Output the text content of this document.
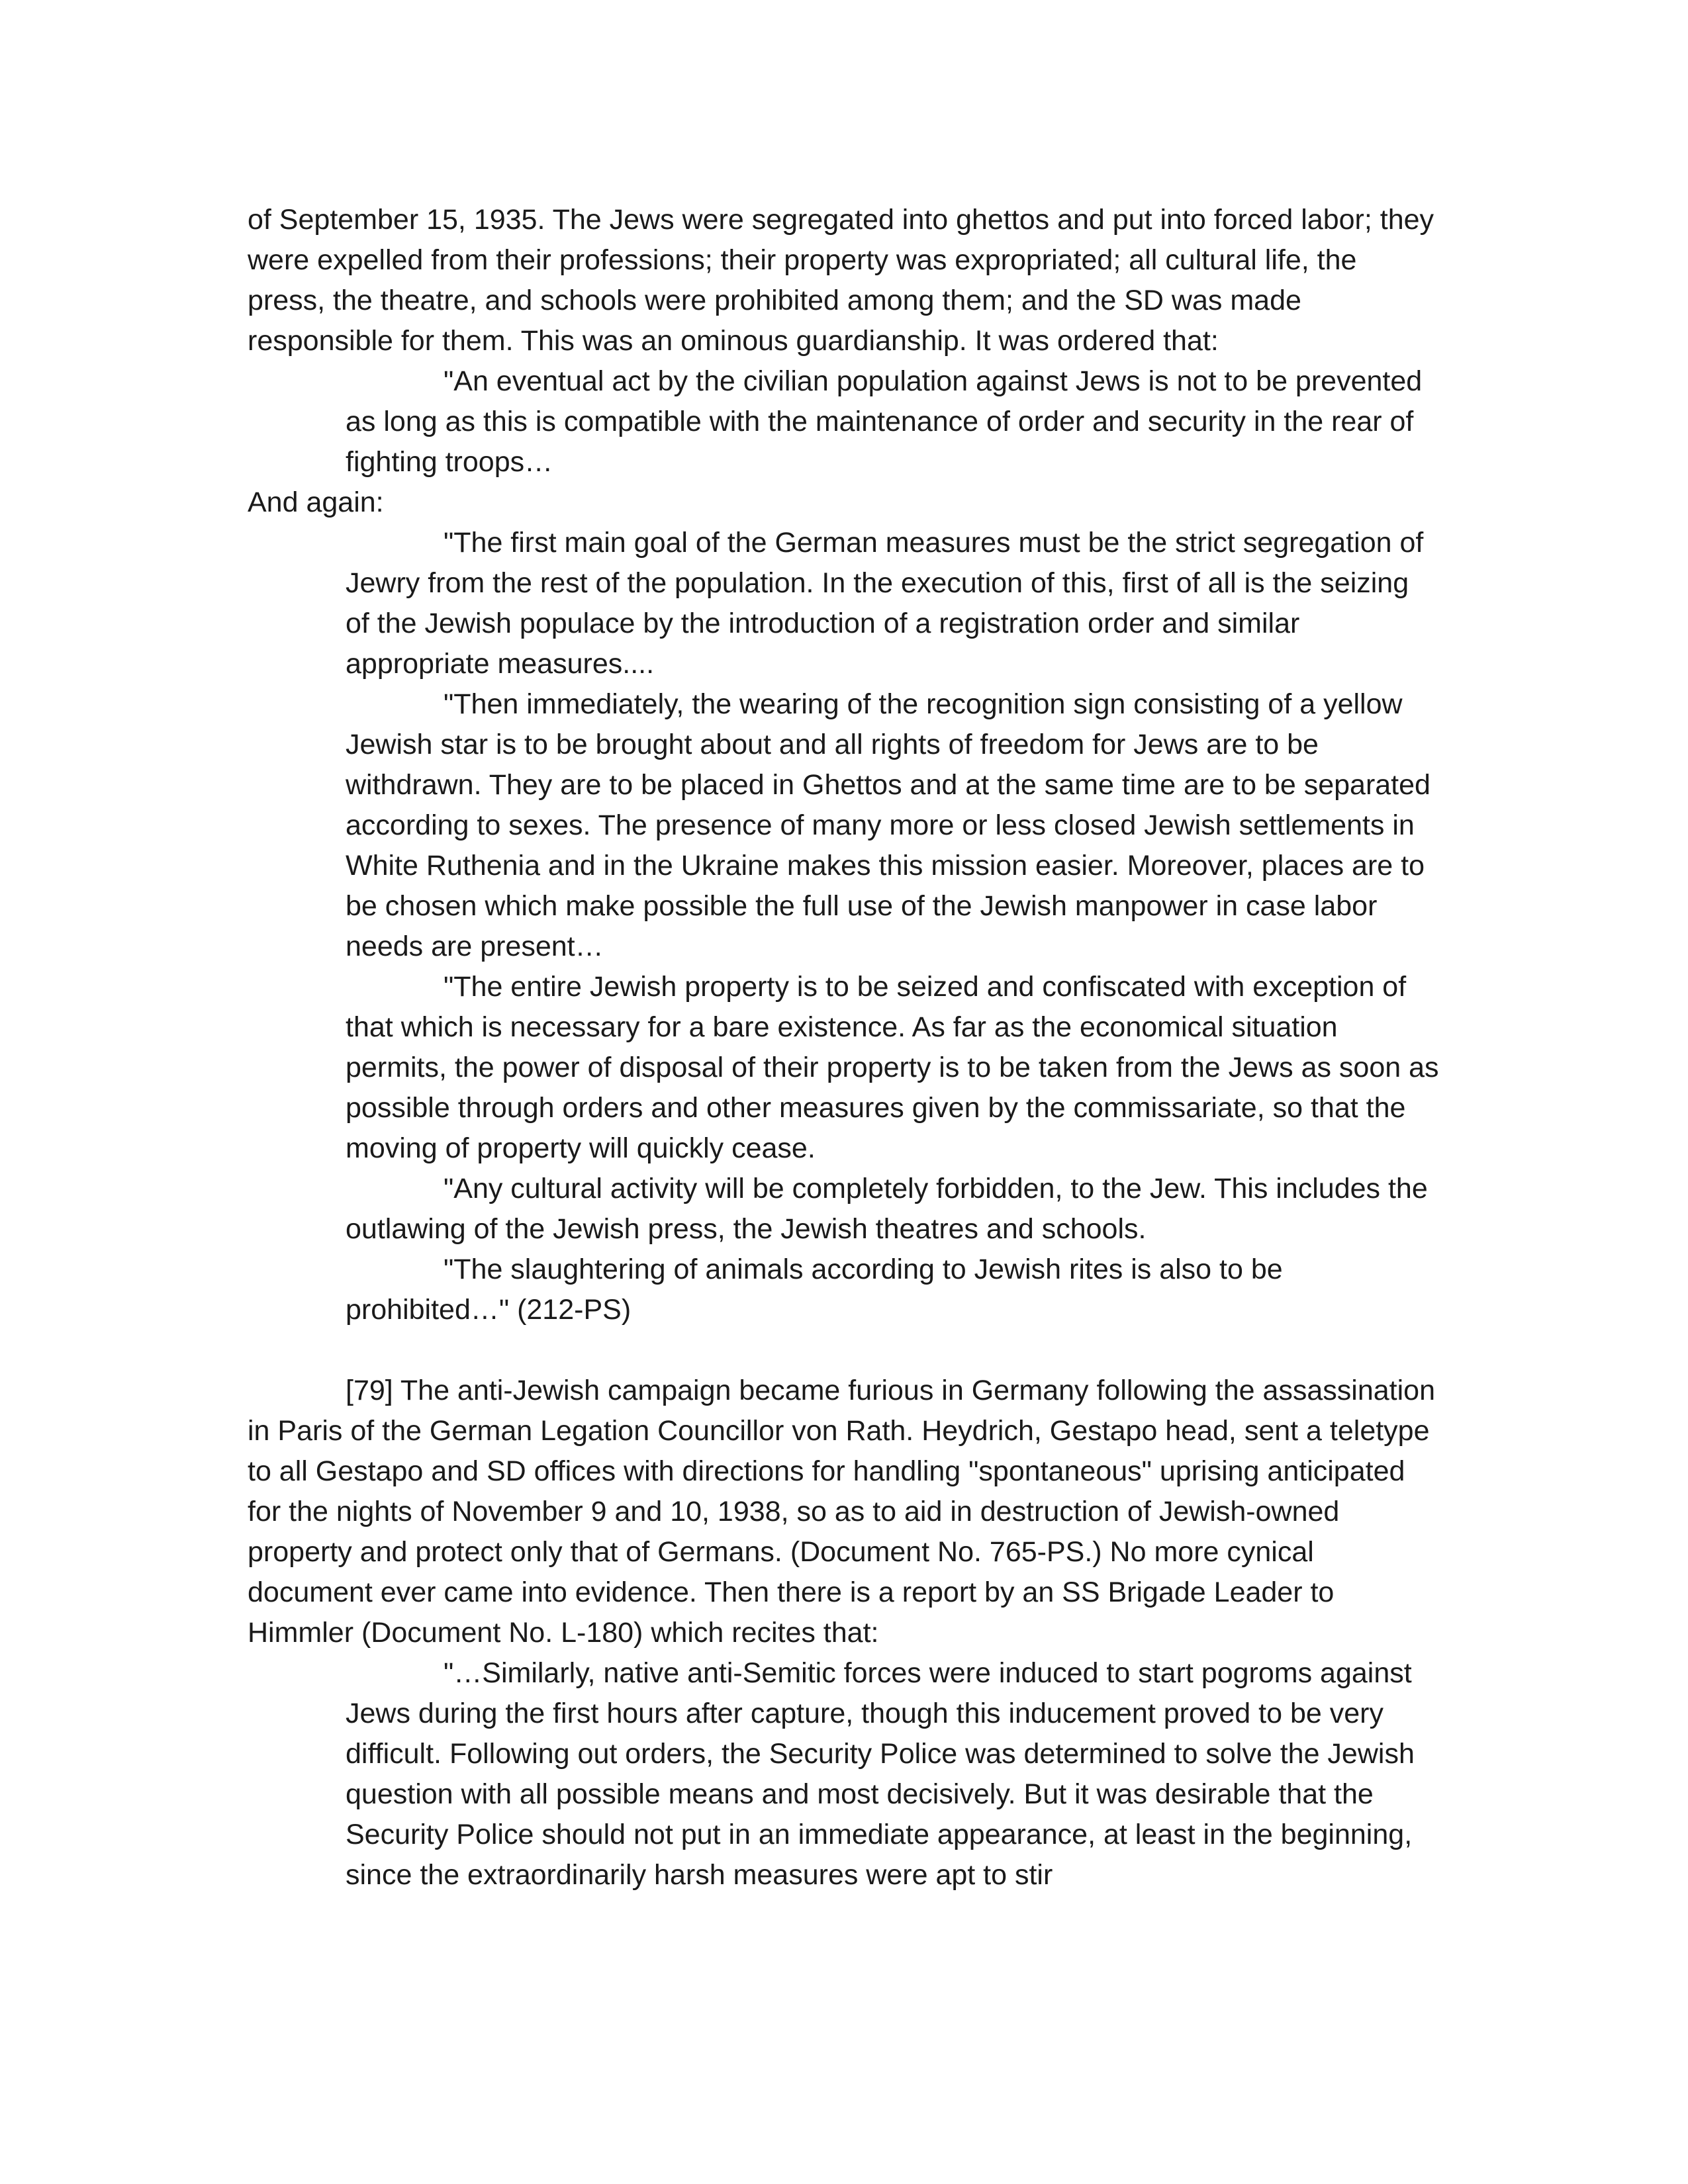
of September 15, 1935. The Jews were segregated into ghettos and put into forced labor; they were expelled from their professions; their property was expropriated; all cultural life, the press, the theatre, and schools were prohibited among them; and the SD was made responsible for them. This was an ominous guardianship. It was ordered that:

"An eventual act by the civilian population against Jews is not to be prevented as long as this is compatible with the maintenance of order and security in the rear of fighting troops…

And again:

"The first main goal of the German measures must be the strict segregation of Jewry from the rest of the population. In the execution of this, first of all is the seizing of the Jewish populace by the introduction of a registration order and similar appropriate measures....

"Then immediately, the wearing of the recognition sign consisting of a yellow Jewish star is to be brought about and all rights of freedom for Jews are to be withdrawn. They are to be placed in Ghettos and at the same time are to be separated according to sexes. The presence of many more or less closed Jewish settlements in White Ruthenia and in the Ukraine makes this mission easier. Moreover, places are to be chosen which make possible the full use of the Jewish manpower in case labor needs are present…

"The entire Jewish property is to be seized and confiscated with exception of that which is necessary for a bare existence. As far as the economical situation permits, the power of disposal of their property is to be taken from the Jews as soon as possible through orders and other measures given by the commissariate, so that the moving of property will quickly cease.

"Any cultural activity will be completely forbidden, to the Jew. This includes the outlawing of the Jewish press, the Jewish theatres and schools.

"The slaughtering of animals according to Jewish rites is also to be prohibited…" (212-PS)

[79] The anti-Jewish campaign became furious in Germany following the assassination in Paris of the German Legation Councillor von Rath. Heydrich, Gestapo head, sent a teletype to all Gestapo and SD offices with directions for handling "spontaneous" uprising anticipated for the nights of November 9 and 10, 1938, so as to aid in destruction of Jewish-owned property and protect only that of Germans. (Document No. 765-PS.) No more cynical document ever came into evidence. Then there is a report by an SS Brigade Leader to Himmler (Document No. L-180) which recites that:

"…Similarly, native anti-Semitic forces were induced to start pogroms against Jews during the first hours after capture, though this inducement proved to be very difficult. Following out orders, the Security Police was determined to solve the Jewish question with all possible means and most decisively. But it was desirable that the Security Police should not put in an immediate appearance, at least in the beginning, since the extraordinarily harsh measures were apt to stir
